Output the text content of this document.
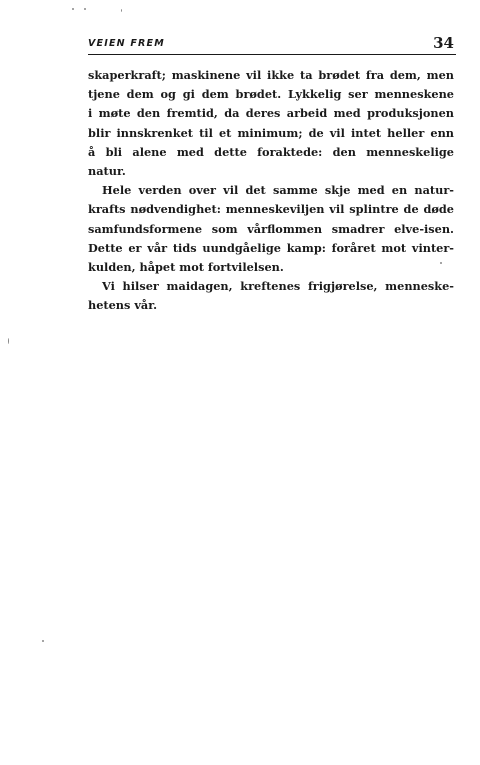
VEIEN FREM	34
skaperkraft; maskinene vil ikke ta brødet fra dem, men
tjene dem og gi dem brødet. Lykkelig ser menneskene
i møte den fremtid, da deres arbeid med produksjonen
blir innskrenket til et minimum; de vil intet heller enn
å bli alene med dette foraktede: den menneskelige
natur.
Hele verden over vil det samme skje med en natur-
krafts nødvendighet: menneskeviljen vil splintre de døde
samfundsformene som vårflommen smadrer elve-isen.
Dette er vår tids uundgåelige kamp: foråret mot vinter-
kulden, håpet mot fortvilelsen.
Vi hilser maidagen, kreftenes frigjørelse, menneske-
hetens vår.
